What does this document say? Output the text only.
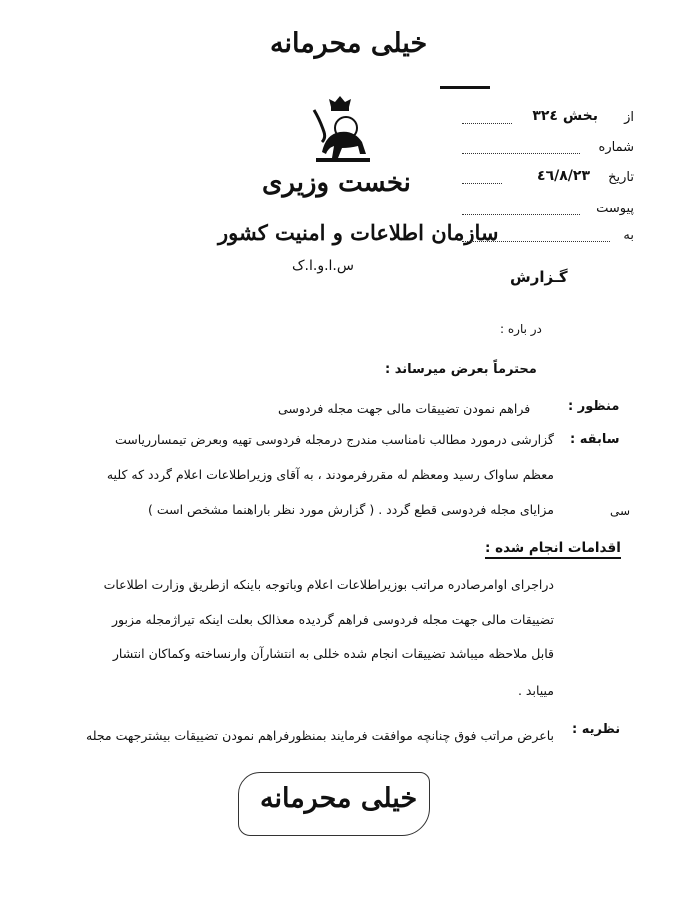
خیلی محرمانه
نخست وزیری
سازمان اطلاعات و امنیت کشور
س.ا.و.ا.ک
از
بخش ۳۲٤
شماره
تاریخ
٤٦/٨/٢٣
پیوست
به
گـزارش
در باره :
محترماً بعرض میرساند :
منظور :
فراهم نمودن تضییقات مالی جهت مجله فردوسی
سابقه :
گزارشی درمورد مطالب نامناسب مندرج درمجله فردوسی تهیه وبعرض تیمساررياست
معظم ساواک رسید ومعظم له مقررفرمودند ، به آقای وزیراطلاعات اعلام گردد که کلیه
مزایای مجله فردوسی قطع گردد . ( گزارش مورد نظر باراهنما مشخص است )	سی
اقدامات انجام شده :
دراجرای اوامرصادره مراتب بوزیراطلاعات اعلام وباتوجه باینکه ازطریق وزارت اطلاعات
تضییقات مالی جهت مجله فردوسی فراهم گردیده معذالک بعلت اینکه تیراژمجله مزبور
قابل ملاحظه میباشد تضییقات انجام شده خللی به انتشارآن وارنساخته وکماکان انتشار
مییابد .
نظریه :
باعرض مراتب فوق چنانچه موافقت فرمایند بمنظورفراهم نمودن تضییقات بیشترجهت مجله
خیلی محرمانه
